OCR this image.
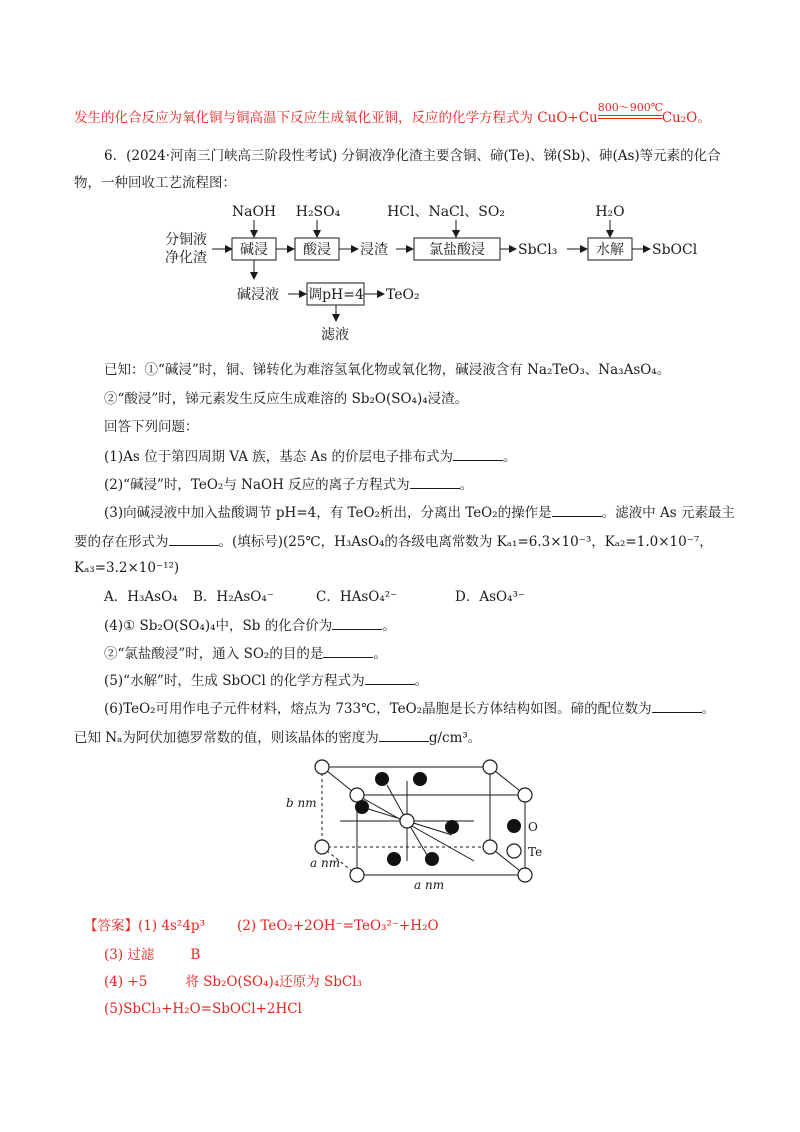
发生的化合反应为氧化铜与铜高温下反应生成氧化亚铜，反应的化学方程式为 CuO+Cu
800～900℃
Cu₂O。
6．(2024·河南三门峡高三阶段性考试) 分铜液净化渣主要含铜、碲(Te)、锑(Sb)、砷(As)等元素的化合
物，一种回收工艺流程图：
分铜液
净化渣 碱浸
NaOH
酸浸
H₂SO₄
浸渣	氯盐酸浸
HCl、NaCl、SO₂
SbCl₃	水解
H₂O
SbOCl
碱浸液 调pH=4 TeO₂
滤液
已知：①“碱浸”时，铜、锑转化为难溶氢氧化物或氧化物，碱浸液含有 Na₂TeO₃、Na₃AsO₄。
②“酸浸”时，锑元素发生反应生成难溶的 Sb₂O(SO₄)₄浸渣。
回答下列问题：
(1)As 位于第四周期 VA 族，基态 As 的价层电子排布式为	。
(2)“碱浸”时，TeO₂与 NaOH 反应的离子方程式为	。
(3)向碱浸液中加入盐酸调节 pH=4，有 TeO₂析出，分离出 TeO₂的操作是	。滤液中 As 元素最主
要的存在形式为	。(填标号)(25℃，H₃AsO₄的各级电离常数为 Kₐ₁=6.3×10⁻³，Kₐ₂=1.0×10⁻⁷，
Kₐ₃=3.2×10⁻¹²)
A．H₃AsO₄ B．H₂AsO₄⁻	C．HAsO₄²⁻	D．AsO₄³⁻
(4)① Sb₂O(SO₄)₄中，Sb 的化合价为	。
②“氯盐酸浸”时，通入 SO₂的目的是	。
(5)“水解”时，生成 SbOCl 的化学方程式为	。
(6)TeO₂可用作电子元件材料，熔点为 733℃，TeO₂晶胞是长方体结构如图。碲的配位数为	。
已知 Nₐ为阿伏加德罗常数的值，则该晶体的密度为	g/cm³。
b nm
a nm
a nm
O
Te
【答案】(1) 4s²4p³ (2) TeO₂+2OH⁻=TeO₃²⁻+H₂O
(3) 过滤	B
(4) +5	将 Sb₂O(SO₄)₄还原为 SbCl₃
(5)SbCl₃+H₂O=SbOCl+2HCl
